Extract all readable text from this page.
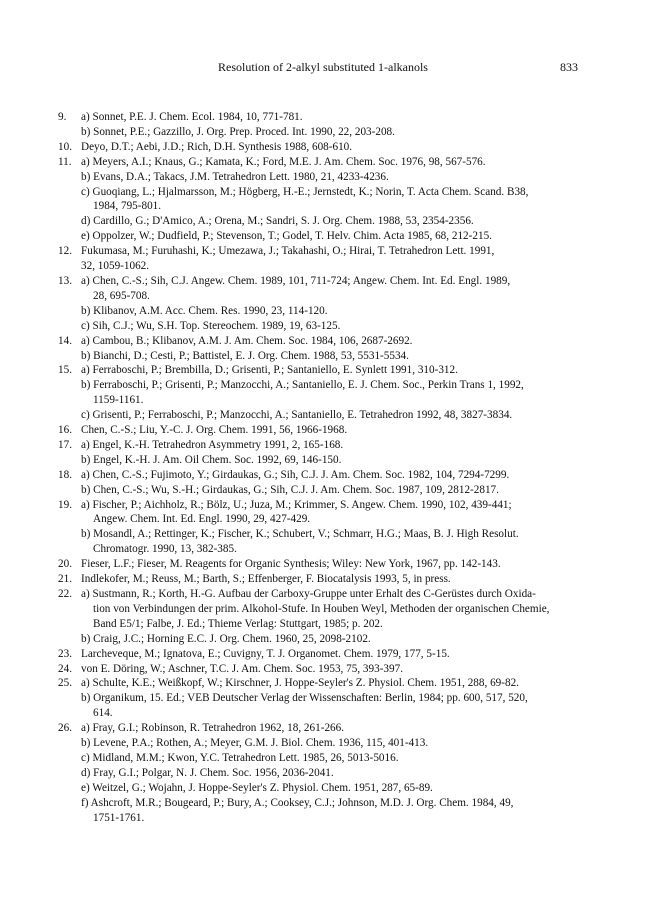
Resolution of 2-alkyl substituted 1-alkanols	833
9.	a) Sonnet, P.E. J. Chem. Ecol. 1984, 10, 771-781.
b) Sonnet, P.E.; Gazzillo, J. Org. Prep. Proced. Int. 1990, 22, 203-208.
10. Deyo, D.T.; Aebi, J.D.; Rich, D.H. Synthesis 1988, 608-610.
11. a) Meyers, A.I.; Knaus, G.; Kamata, K.; Ford, M.E. J. Am. Chem. Soc. 1976, 98, 567-576.
b) Evans, D.A.; Takacs, J.M. Tetrahedron Lett. 1980, 21, 4233-4236.
c) Guoqiang, L.; Hjalmarsson, M.; Högberg, H.-E.; Jernstedt, K.; Norin, T. Acta Chem. Scand. B38,
1984, 795-801.
d) Cardillo, G.; D'Amico, A.; Orena, M.; Sandri, S. J. Org. Chem. 1988, 53, 2354-2356.
e) Oppolzer, W.; Dudfield, P.; Stevenson, T.; Godel, T. Helv. Chim. Acta 1985, 68, 212-215.
12. Fukumasa, M.; Furuhashi, K.; Umezawa, J.; Takahashi, O.; Hirai, T. Tetrahedron Lett. 1991,
32, 1059-1062.
13. a) Chen, C.-S.; Sih, C.J. Angew. Chem. 1989, 101, 711-724; Angew. Chem. Int. Ed. Engl. 1989,
28, 695-708.
b) Klibanov, A.M. Acc. Chem. Res. 1990, 23, 114-120.
c) Sih, C.J.; Wu, S.H. Top. Stereochem. 1989, 19, 63-125.
14. a) Cambou, B.; Klibanov, A.M. J. Am. Chem. Soc. 1984, 106, 2687-2692.
b) Bianchi, D.; Cesti, P.; Battistel, E. J. Org. Chem. 1988, 53, 5531-5534.
15. a) Ferraboschi, P.; Brembilla, D.; Grisenti, P.; Santaniello, E. Synlett 1991, 310-312.
b) Ferraboschi, P.; Grisenti, P.; Manzocchi, A.; Santaniello, E. J. Chem. Soc., Perkin Trans 1, 1992,
1159-1161.
c) Grisenti, P.; Ferraboschi, P.; Manzocchi, A.; Santaniello, E. Tetrahedron 1992, 48, 3827-3834.
16. Chen, C.-S.; Liu, Y.-C. J. Org. Chem. 1991, 56, 1966-1968.
17. a) Engel, K.-H. Tetrahedron Asymmetry 1991, 2, 165-168.
b) Engel, K.-H. J. Am. Oil Chem. Soc. 1992, 69, 146-150.
18. a) Chen, C.-S.; Fujimoto, Y.; Girdaukas, G.; Sih, C.J. J. Am. Chem. Soc. 1982, 104, 7294-7299.
b) Chen, C.-S.; Wu, S.-H.; Girdaukas, G.; Sih, C.J. J. Am. Chem. Soc. 1987, 109, 2812-2817.
19. a) Fischer, P.; Aichholz, R.; Bölz, U.; Juza, M.; Krimmer, S. Angew. Chem. 1990, 102, 439-441;
Angew. Chem. Int. Ed. Engl. 1990, 29, 427-429.
b) Mosandl, A.; Rettinger, K.; Fischer, K.; Schubert, V.; Schmarr, H.G.; Maas, B. J. High Resolut.
Chromatogr. 1990, 13, 382-385.
20. Fieser, L.F.; Fieser, M. Reagents for Organic Synthesis; Wiley: New York, 1967, pp. 142-143.
21. Indlekofer, M.; Reuss, M.; Barth, S.; Effenberger, F. Biocatalysis 1993, 5, in press.
22. a) Sustmann, R.; Korth, H.-G. Aufbau der Carboxy-Gruppe unter Erhalt des C-Gerüstes durch Oxida-
tion von Verbindungen der prim. Alkohol-Stufe. In Houben Weyl, Methoden der organischen Chemie,
Band E5/1; Falbe, J. Ed.; Thieme Verlag: Stuttgart, 1985; p. 202.
b) Craig, J.C.; Horning E.C. J. Org. Chem. 1960, 25, 2098-2102.
23. Larcheveque, M.; Ignatova, E.; Cuvigny, T. J. Organomet. Chem. 1979, 177, 5-15.
24. von E. Döring, W.; Aschner, T.C. J. Am. Chem. Soc. 1953, 75, 393-397.
25. a) Schulte, K.E.; Weißkopf, W.; Kirschner, J. Hoppe-Seyler's Z. Physiol. Chem. 1951, 288, 69-82.
b) Organikum, 15. Ed.; VEB Deutscher Verlag der Wissenschaften: Berlin, 1984; pp. 600, 517, 520,
614.
26. a) Fray, G.I.; Robinson, R. Tetrahedron 1962, 18, 261-266.
b) Levene, P.A.; Rothen, A.; Meyer, G.M. J. Biol. Chem. 1936, 115, 401-413.
c) Midland, M.M.; Kwon, Y.C. Tetrahedron Lett. 1985, 26, 5013-5016.
d) Fray, G.I.; Polgar, N. J. Chem. Soc. 1956, 2036-2041.
e) Weitzel, G.; Wojahn, J. Hoppe-Seyler's Z. Physiol. Chem. 1951, 287, 65-89.
f) Ashcroft, M.R.; Bougeard, P.; Bury, A.; Cooksey, C.J.; Johnson, M.D. J. Org. Chem. 1984, 49,
1751-1761.
